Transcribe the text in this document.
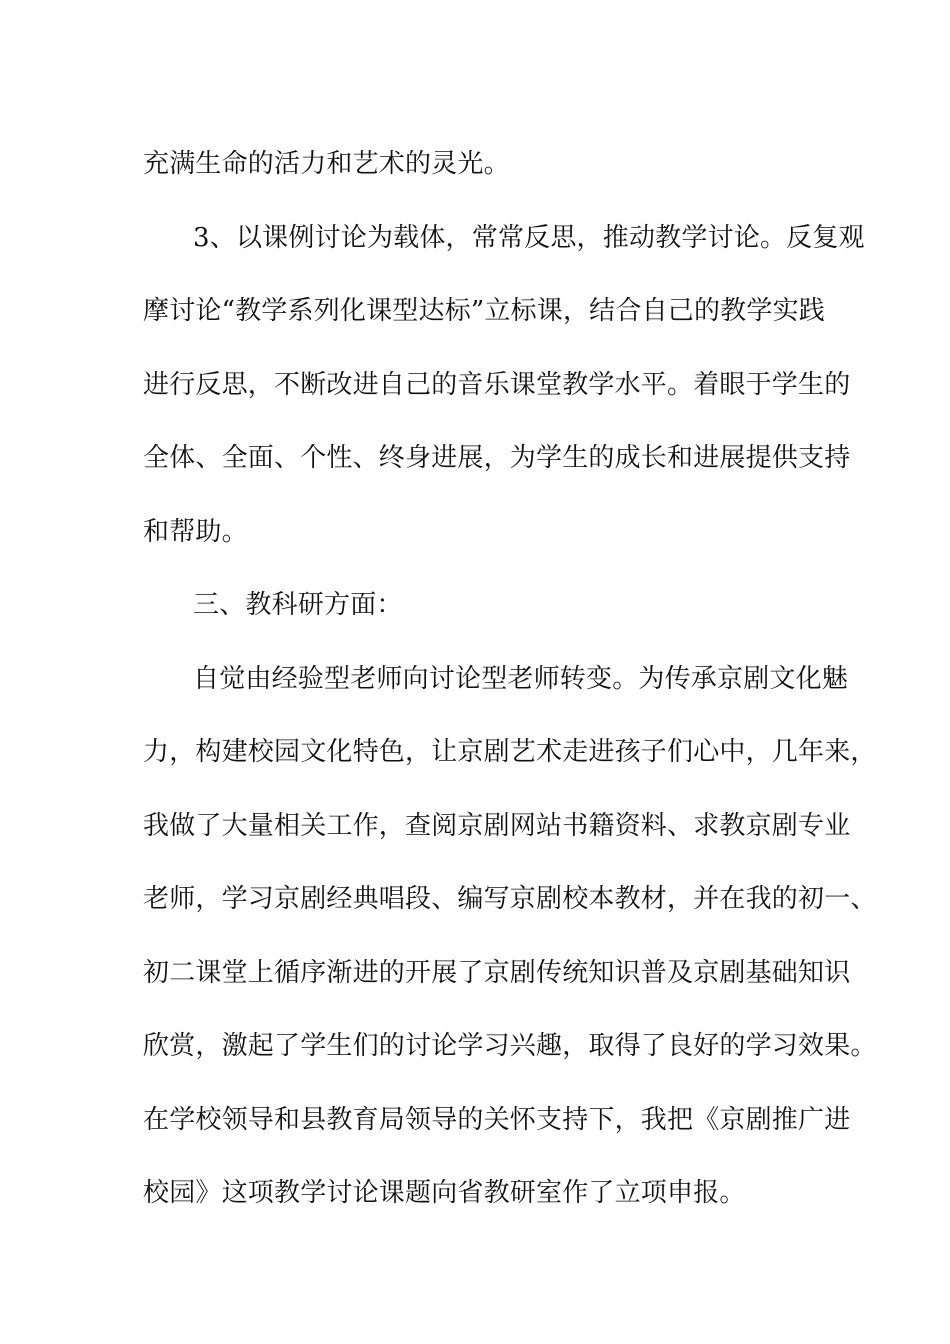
充满生命的活力和艺术的灵光。
3、以课例讨论为载体，常常反思，推动教学讨论。反复观
摩讨论“教学系列化课型达标”立标课，结合自己的教学实践
进行反思，不断改进自己的音乐课堂教学水平。着眼于学生的
全体、全面、个性、终身进展，为学生的成长和进展提供支持
和帮助。
三、教科研方面：
自觉由经验型老师向讨论型老师转变。为传承京剧文化魅
力，构建校园文化特色，让京剧艺术走进孩子们心中，几年来，
我做了大量相关工作，查阅京剧网站书籍资料、求教京剧专业
老师，学习京剧经典唱段、编写京剧校本教材，并在我的初一、
初二课堂上循序渐进的开展了京剧传统知识普及京剧基础知识
欣赏，激起了学生们的讨论学习兴趣，取得了良好的学习效果。
在学校领导和县教育局领导的关怀支持下，我把《京剧推广进
校园》这项教学讨论课题向省教研室作了立项申报。
